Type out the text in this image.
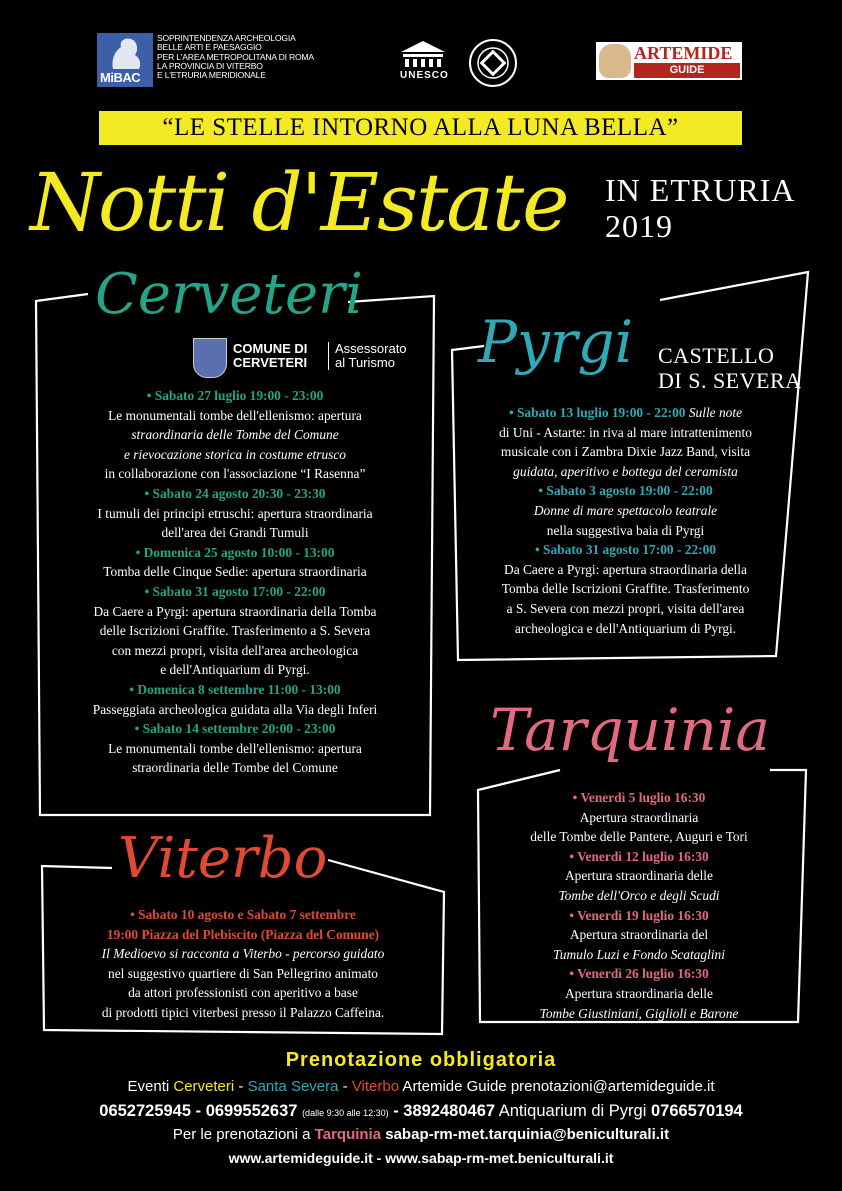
MiBAC
SOPRINTENDENZA ARCHEOLOGIA
BELLE ARTI E PAESAGGIO
PER L'AREA METROPOLITANA DI ROMA
LA PROVINCIA DI VITERBO
E L'ETRURIA MERIDIONALE	UNESCO
ARTEMIDE
GUIDE
“LE STELLE INTORNO ALLA LUNA BELLA”
Notti d'Estate IN ETRURIA
2019
Cerveteri
COMUNE DI
CERVETERI
Assessorato
al Turismo
• Sabato 27 luglio 19:00 - 23:00
Le monumentali tombe dell'ellenismo: apertura
straordinaria delle Tombe del Comune
e rievocazione storica in costume etrusco
in collaborazione con l'associazione “I Rasenna”
• Sabato 24 agosto 20:30 - 23:30
I tumuli dei principi etruschi: apertura straordinaria
dell'area dei Grandi Tumuli
• Domenica 25 agosto 10:00 - 13:00
Tomba delle Cinque Sedie: apertura straordinaria
• Sabato 31 agosto 17:00 - 22:00
Da Caere a Pyrgi: apertura straordinaria della Tomba
delle Iscrizioni Graffite. Trasferimento a S. Severa
con mezzi propri, visita dell'area archeologica
e dell'Antiquarium di Pyrgi.
• Domenica 8 settembre 11:00 - 13:00
Passeggiata archeologica guidata alla Via degli Inferi
• Sabato 14 settembre 20:00 - 23:00
Le monumentali tombe dell'ellenismo: apertura
straordinaria delle Tombe del Comune
Pyrgi CASTELLO
DI S. SEVERA
• Sabato 13 luglio 19:00 - 22:00 Sulle note
di Uni - Astarte: in riva al mare intrattenimento
musicale con i Zambra Dixie Jazz Band, visita
guidata, aperitivo e bottega del ceramista
• Sabato 3 agosto 19:00 - 22:00
Donne di mare spettacolo teatrale
nella suggestiva baia di Pyrgi
• Sabato 31 agosto 17:00 - 22:00
Da Caere a Pyrgi: apertura straordinaria della
Tomba delle Iscrizioni Graffite. Trasferimento
a S. Severa con mezzi propri, visita dell'area
archeologica e dell'Antiquarium di Pyrgi.
Tarquinia
• Venerdì 5 luglio 16:30
Apertura straordinaria
delle Tombe delle Pantere, Auguri e Tori
• Venerdì 12 luglio 16:30
Apertura straordinaria delle
Tombe dell'Orco e degli Scudi
• Venerdì 19 luglio 16:30
Apertura straordinaria del
Tumulo Luzi e Fondo Scataglini
• Venerdì 26 luglio 16:30
Apertura straordinaria delle
Tombe Giustiniani, Giglioli e Barone
Viterbo
• Sabato 10 agosto e Sabato 7 settembre
19:00 Piazza del Plebiscito (Piazza del Comune)
Il Medioevo si racconta a Viterbo - percorso guidato
nel suggestivo quartiere di San Pellegrino animato
da attori professionisti con aperitivo a base
di prodotti tipici viterbesi presso il Palazzo Caffeina.
Prenotazione obbligatoria
Eventi Cerveteri - Santa Severa - Viterbo Artemide Guide prenotazioni@artemideguide.it
0652725945 - 0699552637 (dalle 9:30 alle 12:30) - 3892480467 Antiquarium di Pyrgi 0766570194
Per le prenotazioni a Tarquinia sabap-rm-met.tarquinia@beniculturali.it
www.artemideguide.it - www.sabap-rm-met.beniculturali.it
